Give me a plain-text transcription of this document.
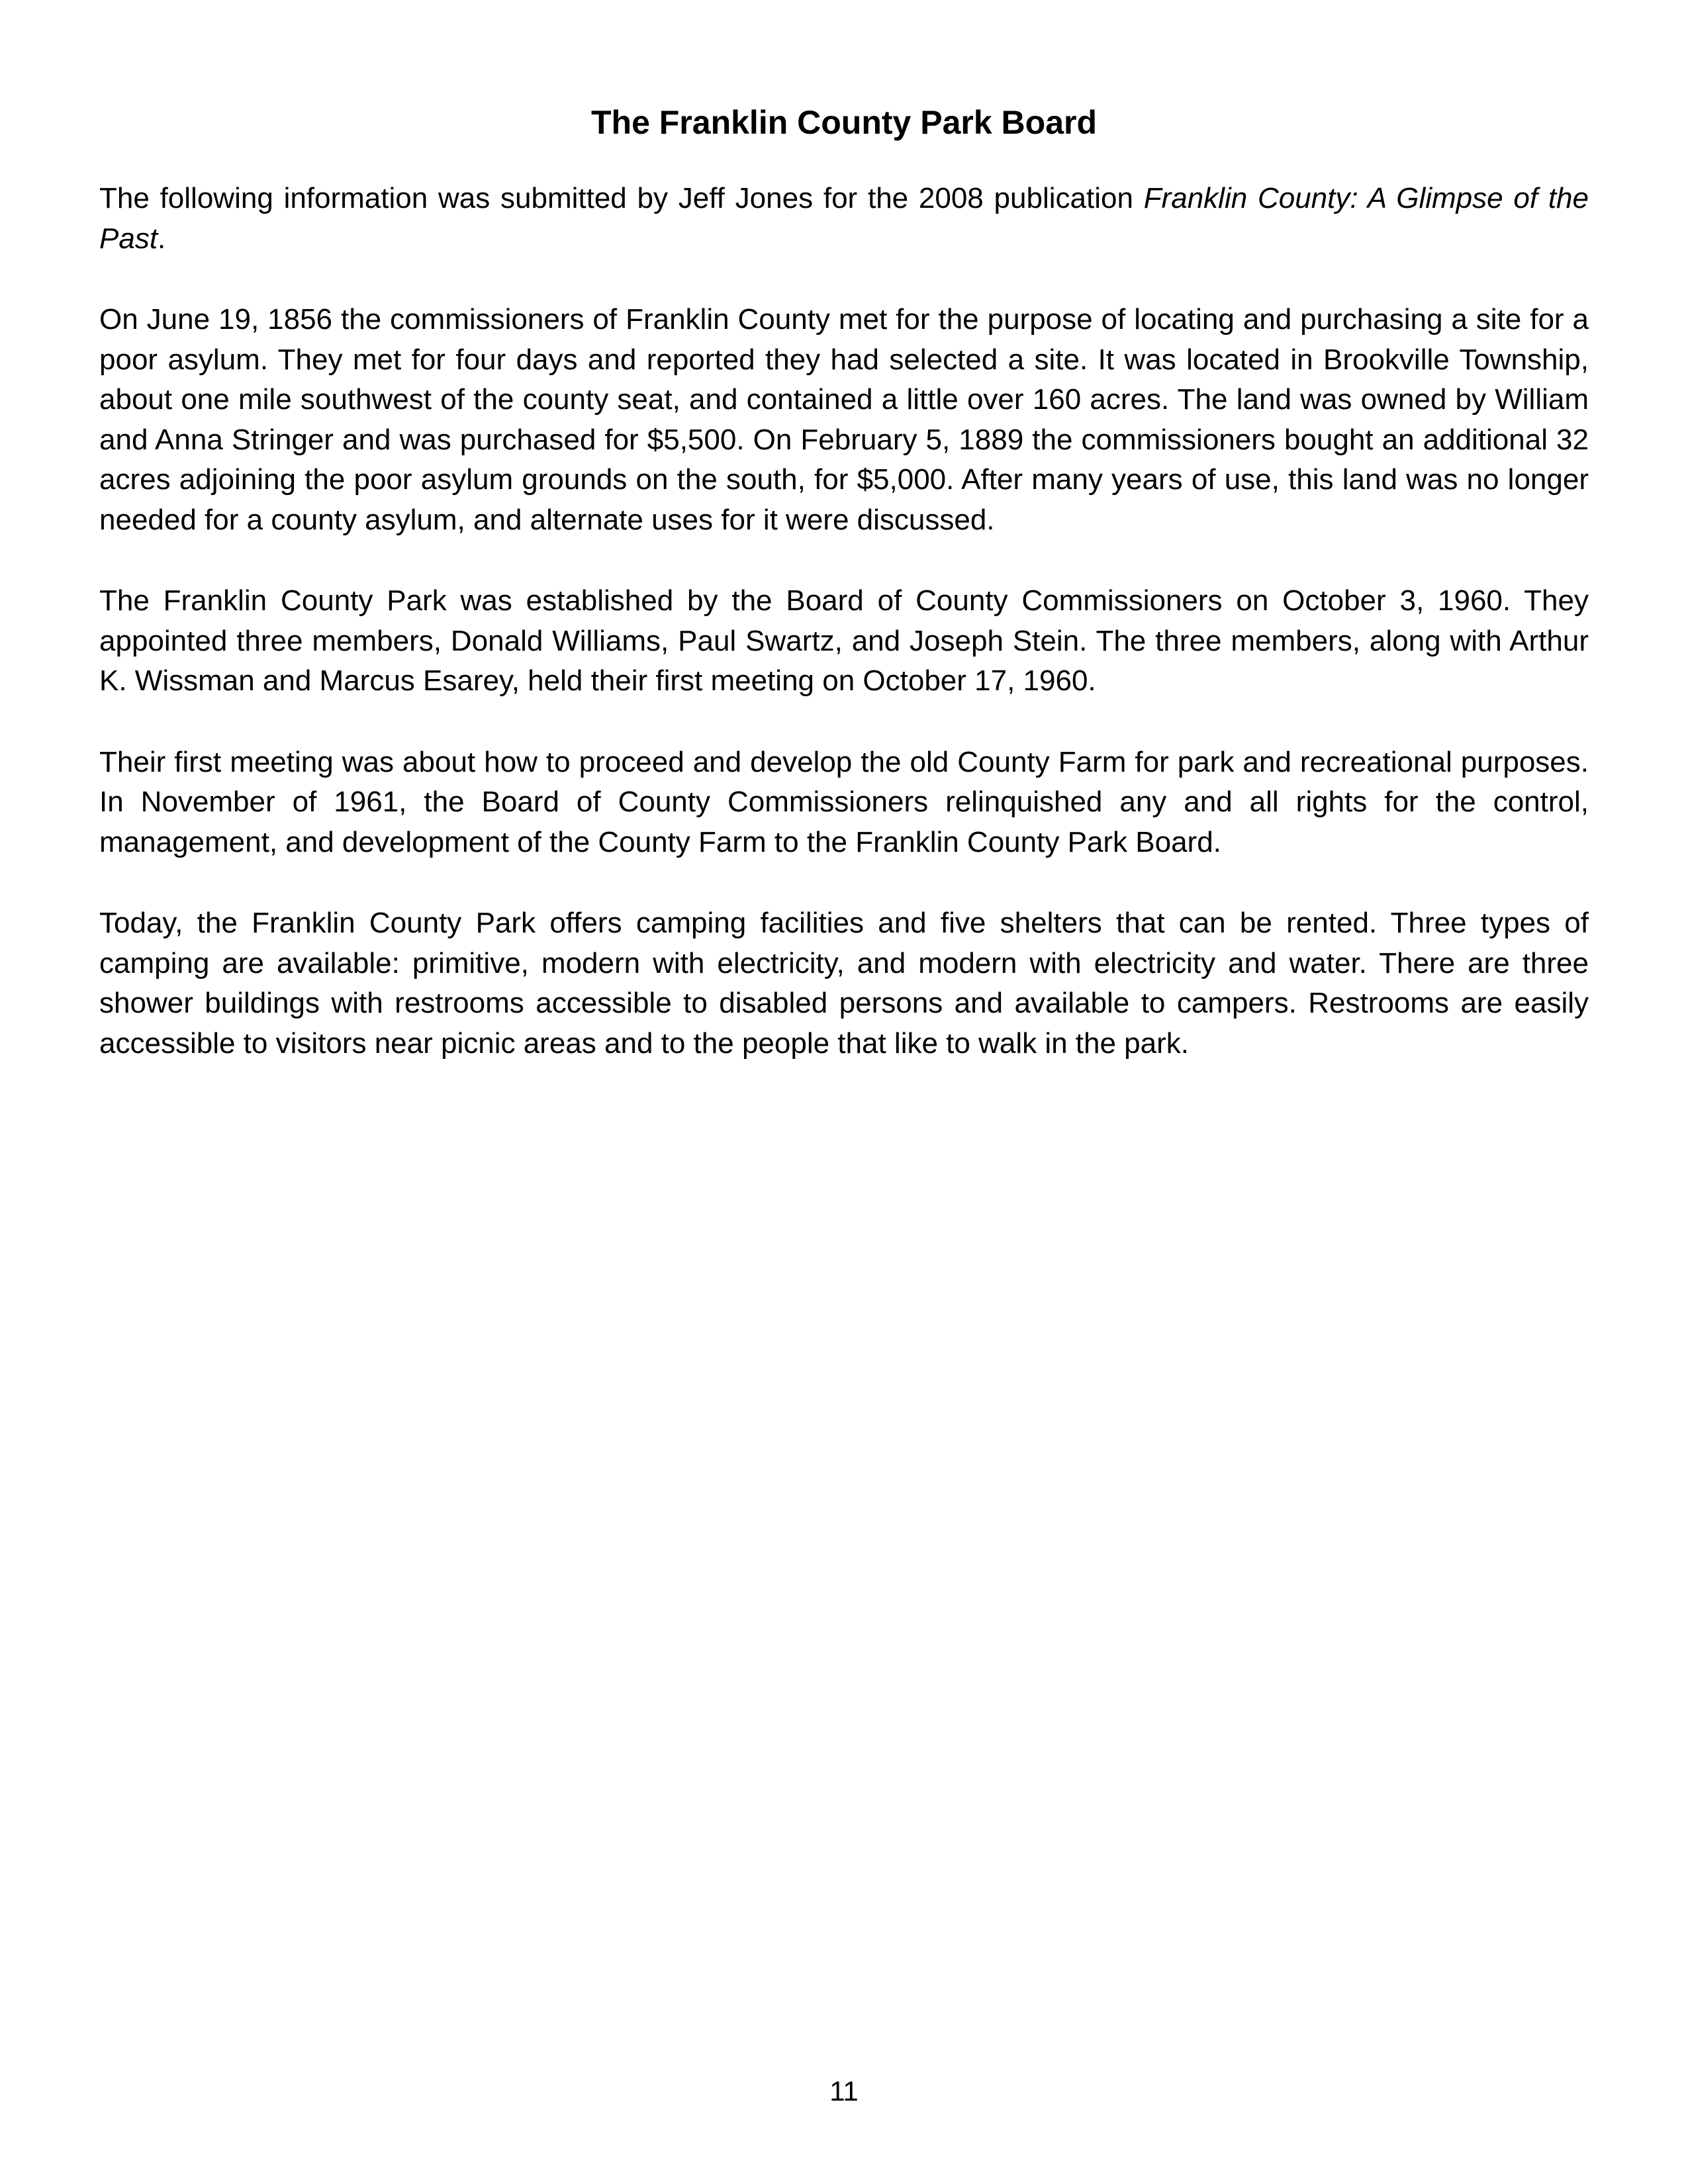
The Franklin County Park Board

The following information was submitted by Jeff Jones for the 2008 publication Franklin County: A Glimpse of the Past.

On June 19, 1856 the commissioners of Franklin County met for the purpose of locating and purchasing a site for a poor asylum. They met for four days and reported they had selected a site. It was located in Brookville Township, about one mile southwest of the county seat, and contained a little over 160 acres. The land was owned by William and Anna Stringer and was purchased for $5,500. On February 5, 1889 the commissioners bought an additional 32 acres adjoining the poor asylum grounds on the south, for $5,000. After many years of use, this land was no longer needed for a county asylum, and alternate uses for it were discussed.

The Franklin County Park was established by the Board of County Commissioners on October 3, 1960. They appointed three members, Donald Williams, Paul Swartz, and Joseph Stein. The three members, along with Arthur K. Wissman and Marcus Esarey, held their first meeting on October 17, 1960.

Their first meeting was about how to proceed and develop the old County Farm for park and recreational purposes. In November of 1961, the Board of County Commissioners relinquished any and all rights for the control, management, and development of the County Farm to the Franklin County Park Board.

Today, the Franklin County Park offers camping facilities and five shelters that can be rented. Three types of camping are available: primitive, modern with electricity, and modern with electricity and water. There are three shower buildings with restrooms accessible to disabled persons and available to campers. Restrooms are easily accessible to visitors near picnic areas and to the people that like to walk in the park.

11
